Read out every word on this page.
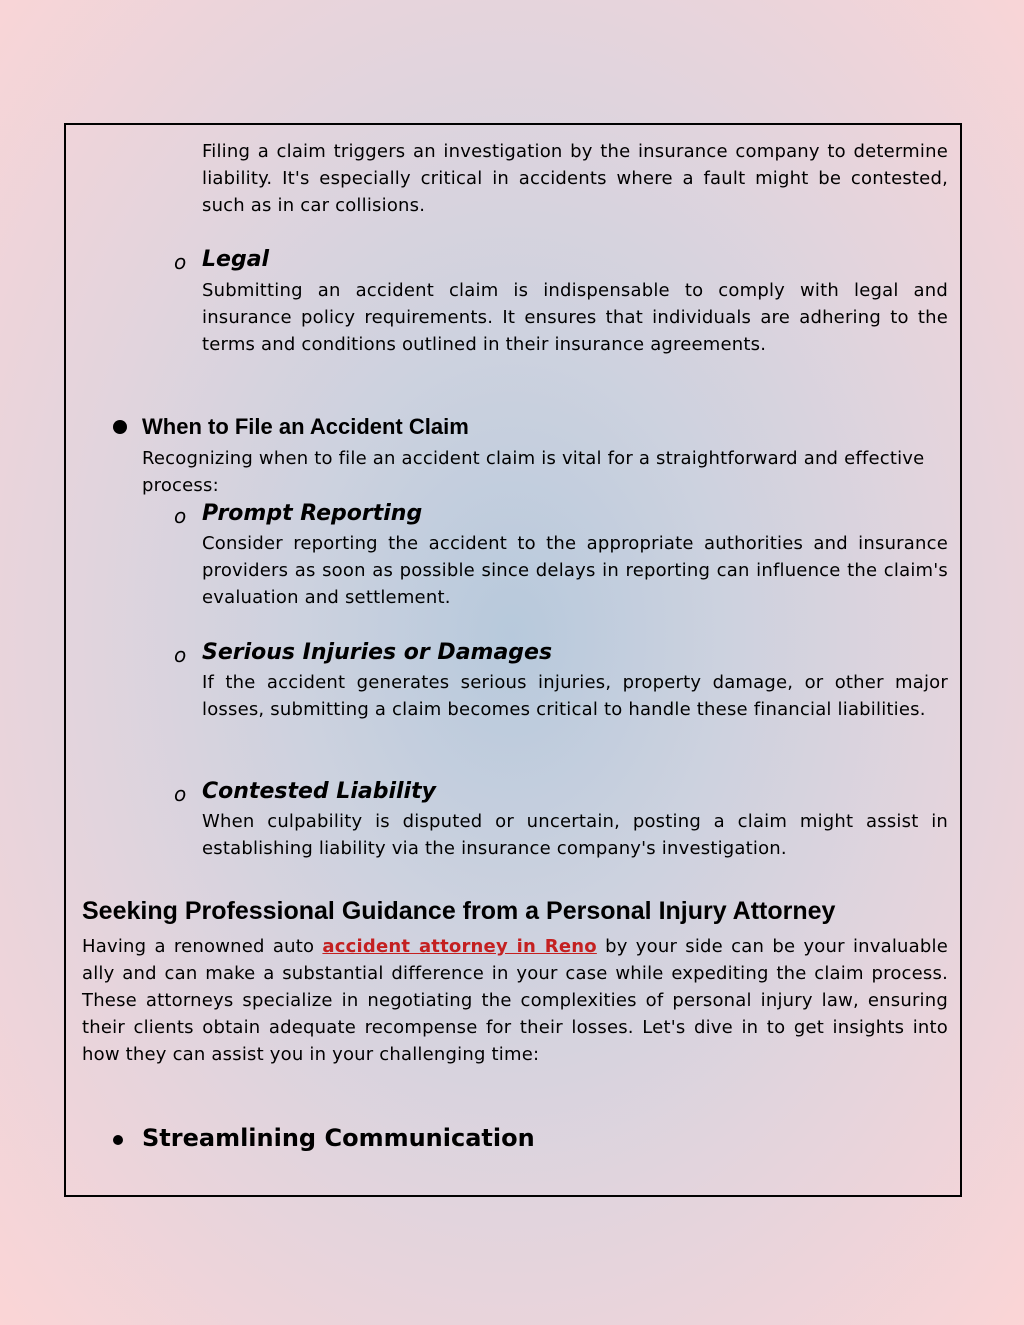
Filing a claim triggers an investigation by the insurance company to determine liability. It's especially critical in accidents where a fault might be contested, such as in car collisions.

o Legal

Submitting an accident claim is indispensable to comply with legal and insurance policy requirements. It ensures that individuals are adhering to the terms and conditions outlined in their insurance agreements.

When to File an Accident Claim

Recognizing when to file an accident claim is vital for a straightforward and effective process:

o Prompt Reporting

Consider reporting the accident to the appropriate authorities and insurance providers as soon as possible since delays in reporting can influence the claim's evaluation and settlement.

o Serious Injuries or Damages

If the accident generates serious injuries, property damage, or other major losses, submitting a claim becomes critical to handle these financial liabilities.

o Contested Liability

When culpability is disputed or uncertain, posting a claim might assist in establishing liability via the insurance company's investigation.

Seeking Professional Guidance from a Personal Injury Attorney

Having a renowned auto accident attorney in Reno by your side can be your invaluable ally and can make a substantial difference in your case while expediting the claim process. These attorneys specialize in negotiating the complexities of personal injury law, ensuring their clients obtain adequate recompense for their losses. Let's dive in to get insights into how they can assist you in your challenging time:

Streamlining Communication
